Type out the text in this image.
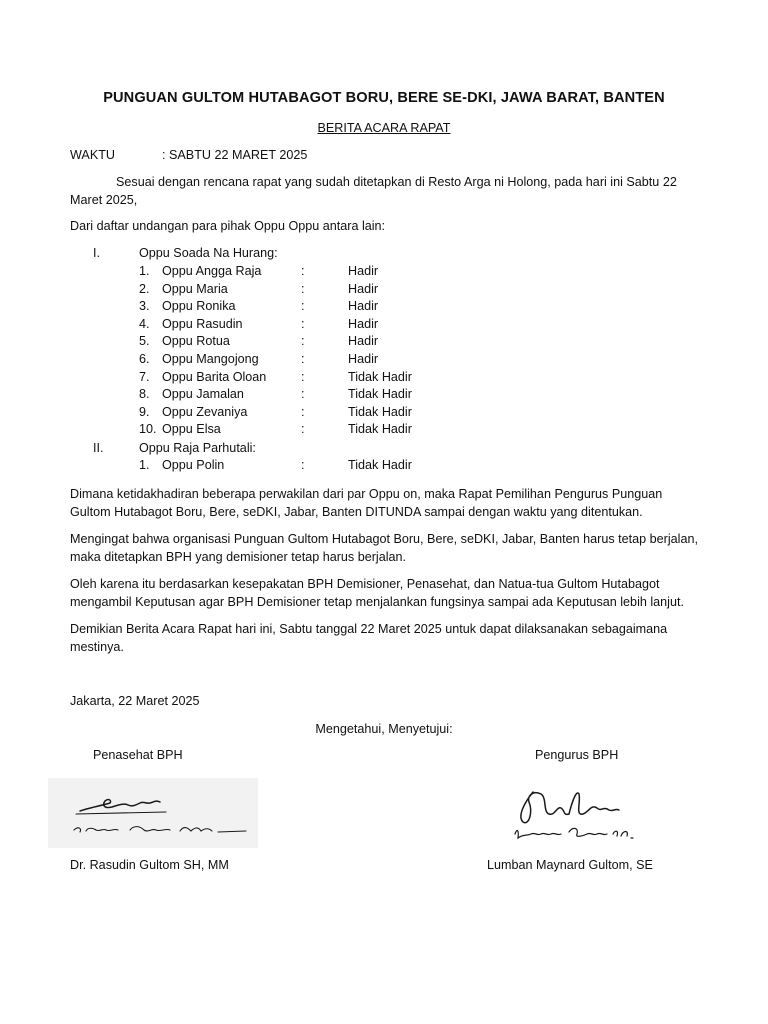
PUNGUAN GULTOM HUTABAGOT BORU, BERE SE-DKI, JAWA BARAT, BANTEN
BERITA ACARA RAPAT
WAKTU	: SABTU 22 MARET 2025
Sesuai dengan rencana rapat yang sudah ditetapkan di Resto Arga ni Holong, pada hari ini Sabtu 22 Maret 2025,
Dari daftar undangan para pihak Oppu Oppu antara lain:
I.	Oppu Soada Na Hurang:
1. Oppu Angga Raja	:	Hadir
2. Oppu Maria	:	Hadir
3. Oppu Ronika	:	Hadir
4. Oppu Rasudin	:	Hadir
5. Oppu Rotua	:	Hadir
6. Oppu Mangojong	:	Hadir
7. Oppu Barita Oloan	:	Tidak Hadir
8. Oppu Jamalan	:	Tidak Hadir
9. Oppu Zevaniya	:	Tidak Hadir
10. Oppu Elsa	:	Tidak Hadir
II.	Oppu Raja Parhutali:
1. Oppu Polin	:	Tidak Hadir
Dimana ketidakhadiran beberapa perwakilan dari par Oppu on, maka Rapat Pemilihan Pengurus Punguan Gultom Hutabagot Boru, Bere, seDKI, Jabar, Banten DITUNDA sampai dengan waktu yang ditentukan.
Mengingat bahwa organisasi Punguan Gultom Hutabagot Boru, Bere, seDKI, Jabar, Banten harus tetap berjalan, maka ditetapkan BPH yang demisioner tetap harus berjalan.
Oleh karena itu berdasarkan kesepakatan BPH Demisioner, Penasehat, dan Natua-tua Gultom Hutabagot mengambil Keputusan agar BPH Demisioner tetap menjalankan fungsinya sampai ada Keputusan lebih lanjut.
Demikian Berita Acara Rapat hari ini, Sabtu tanggal 22 Maret 2025 untuk dapat dilaksanakan sebagaimana mestinya.
Jakarta, 22 Maret 2025
Mengetahui, Menyetujui:
Penasehat BPH	Pengurus BPH
Dr. Rasudin Gultom SH, MM	Lumban Maynard Gultom, SE
